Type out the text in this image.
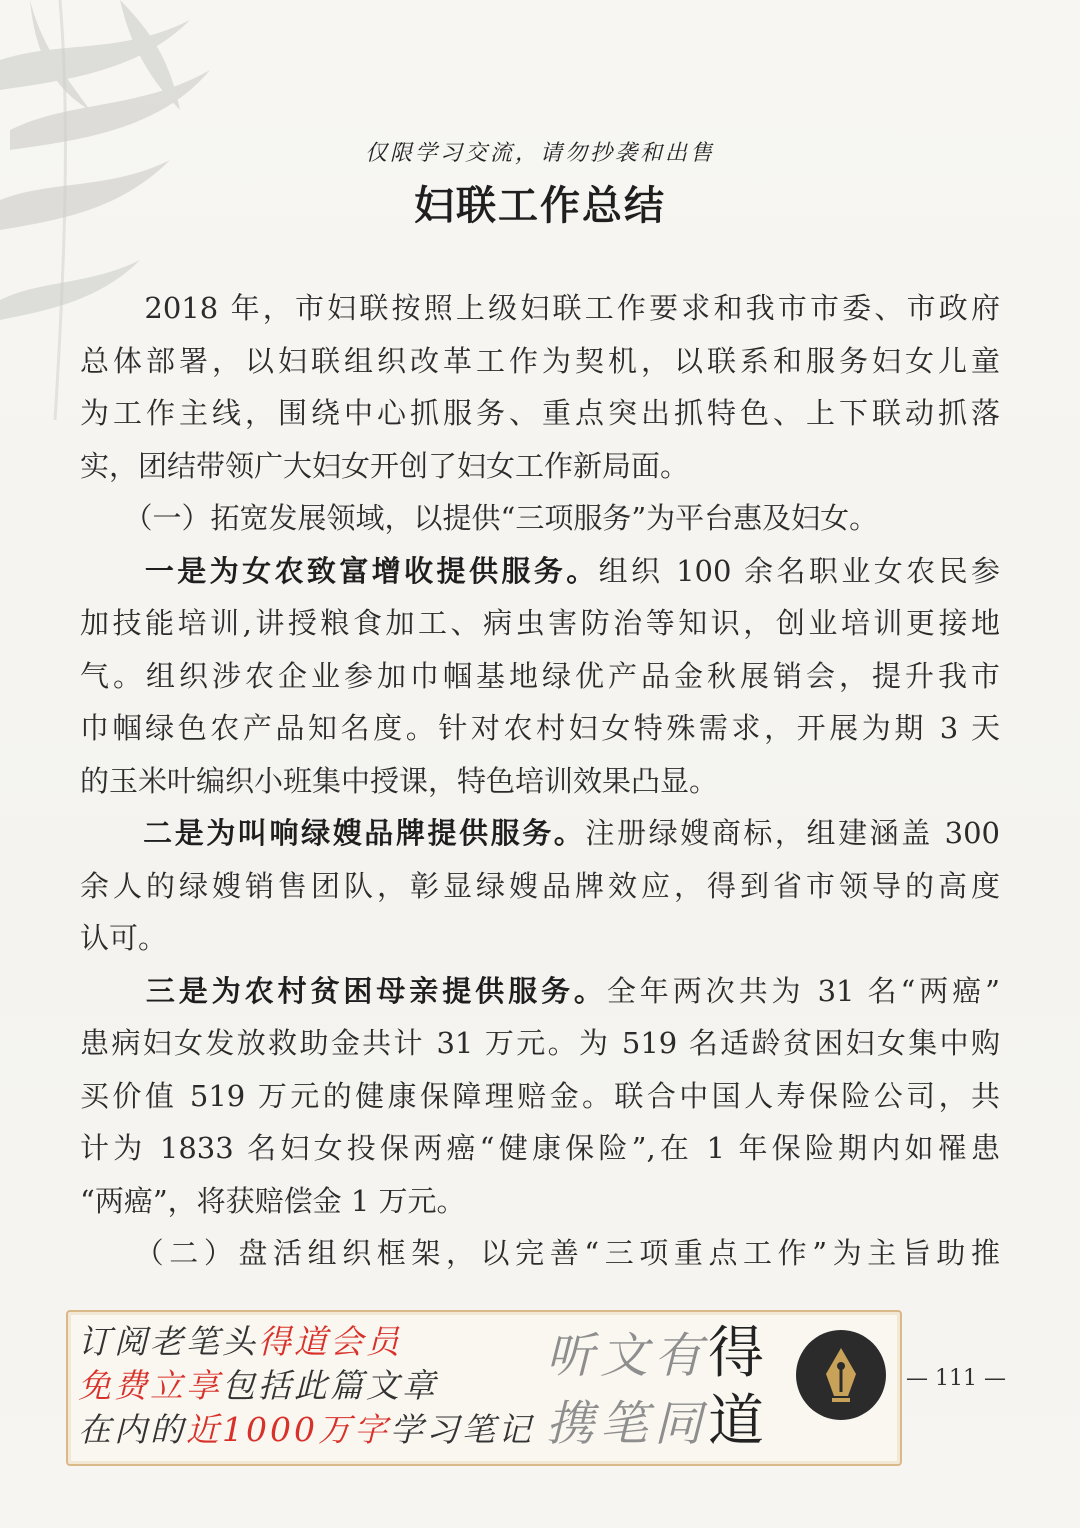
仅限学习交流，请勿抄袭和出售
妇联工作总结
　　2018 年，市妇联按照上级妇联工作要求和我市市委、市政府
总体部署，以妇联组织改革工作为契机，以联系和服务妇女儿童
为工作主线，围绕中心抓服务、重点突出抓特色、上下联动抓落
实，团结带领广大妇女开创了妇女工作新局面。
　　（一）拓宽发展领域，以提供“三项服务”为平台惠及妇女。
　　一是为女农致富增收提供服务。组织 100 余名职业女农民参
加技能培训,讲授粮食加工、病虫害防治等知识，创业培训更接地
气。组织涉农企业参加巾帼基地绿优产品金秋展销会，提升我市
巾帼绿色农产品知名度。针对农村妇女特殊需求，开展为期 3 天
的玉米叶编织小班集中授课，特色培训效果凸显。
　　二是为叫响绿嫂品牌提供服务。注册绿嫂商标，组建涵盖 300
余人的绿嫂销售团队，彰显绿嫂品牌效应，得到省市领导的高度
认可。
　　三是为农村贫困母亲提供服务。全年两次共为 31 名“两癌”
患病妇女发放救助金共计 31 万元。为 519 名适龄贫困妇女集中购
买价值 519 万元的健康保障理赔金。联合中国人寿保险公司，共
计为 1833 名妇女投保两癌“健康保险”,在 1 年保险期内如罹患
“两癌”，将获赔偿金 1 万元。
　　（二）盘活组织框架，以完善“三项重点工作”为主旨助推
订阅老笔头得道会员
免费立享包括此篇文章
在内的近1000万字学习笔记
听文有得
携笔同道
— 111 —
